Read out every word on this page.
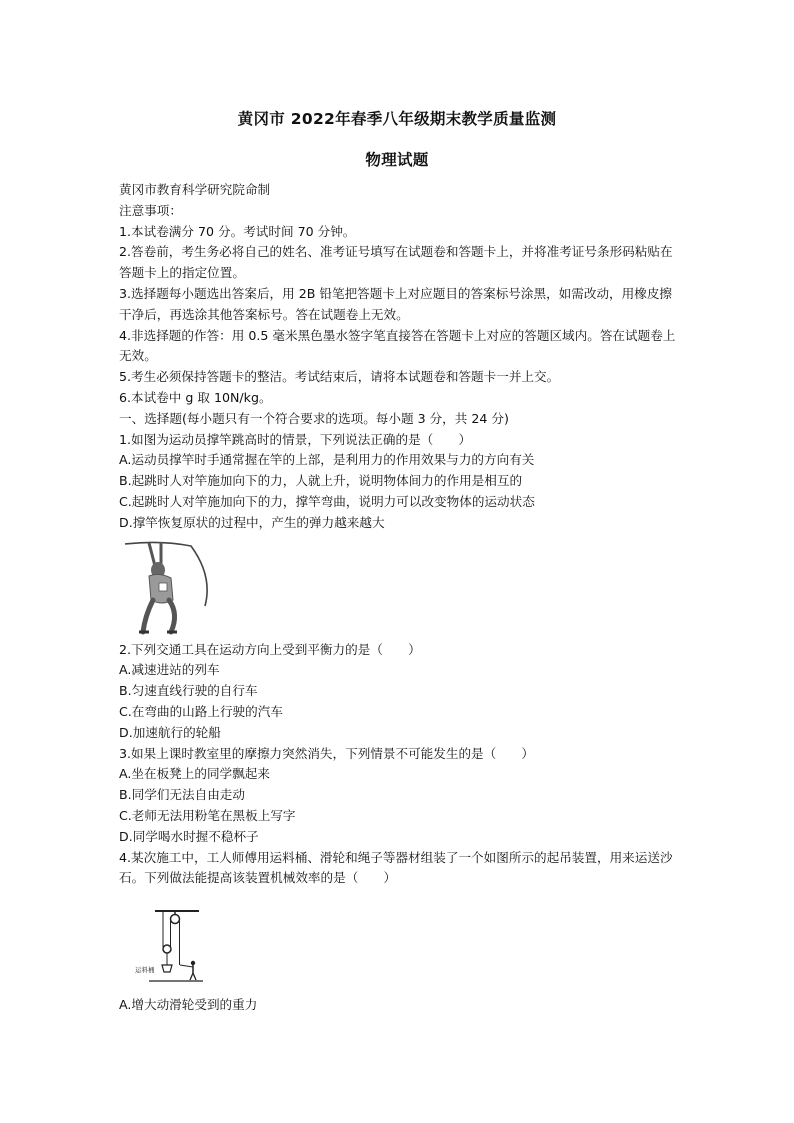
黄冈市 2022年春季八年级期末教学质量监测
物理试题

黄冈市教育科学研究院命制

注意事项：

1.本试卷满分 70 分。考试时间 70 分钟。

2.答卷前，考生务必将自己的姓名、准考证号填写在试题卷和答题卡上，并将准考证号条形码粘贴在答题卡上的指定位置。

3.选择题每小题选出答案后，用 2B 铅笔把答题卡上对应题目的答案标号涂黑，如需改动，用橡皮擦干净后，再选涂其他答案标号。答在试题卷上无效。

4.非选择题的作答：用 0.5 毫米黑色墨水签字笔直接答在答题卡上对应的答题区域内。答在试题卷上无效。

5.考生必须保持答题卡的整洁。考试结束后，请将本试题卷和答题卡一并上交。

6.本试卷中 g 取 10N/kg。

一、选择题(每小题只有一个符合要求的选项。每小题 3 分，共 24 分)

1.如图为运动员撑竿跳高时的情景，下列说法正确的是（　　）

A.运动员撑竿时手通常握在竿的上部，是利用力的作用效果与力的方向有关

B.起跳时人对竿施加向下的力，人就上升，说明物体间力的作用是相互的

C.起跳时人对竿施加向下的力，撑竿弯曲，说明力可以改变物体的运动状态

D.撑竿恢复原状的过程中，产生的弹力越来越大

2.下列交通工具在运动方向上受到平衡力的是（　　）

A.减速进站的列车

B.匀速直线行驶的自行车

C.在弯曲的山路上行驶的汽车

D.加速航行的轮船

3.如果上课时教室里的摩擦力突然消失，下列情景不可能发生的是（　　）

A.坐在板凳上的同学飘起来

B.同学们无法自由走动

C.老师无法用粉笔在黑板上写字

D.同学喝水时握不稳杯子

4.某次施工中，工人师傅用运料桶、滑轮和绳子等器材组装了一个如图所示的起吊装置，用来运送沙石。下列做法能提高该装置机械效率的是（　　）

运料桶

A.增大动滑轮受到的重力
